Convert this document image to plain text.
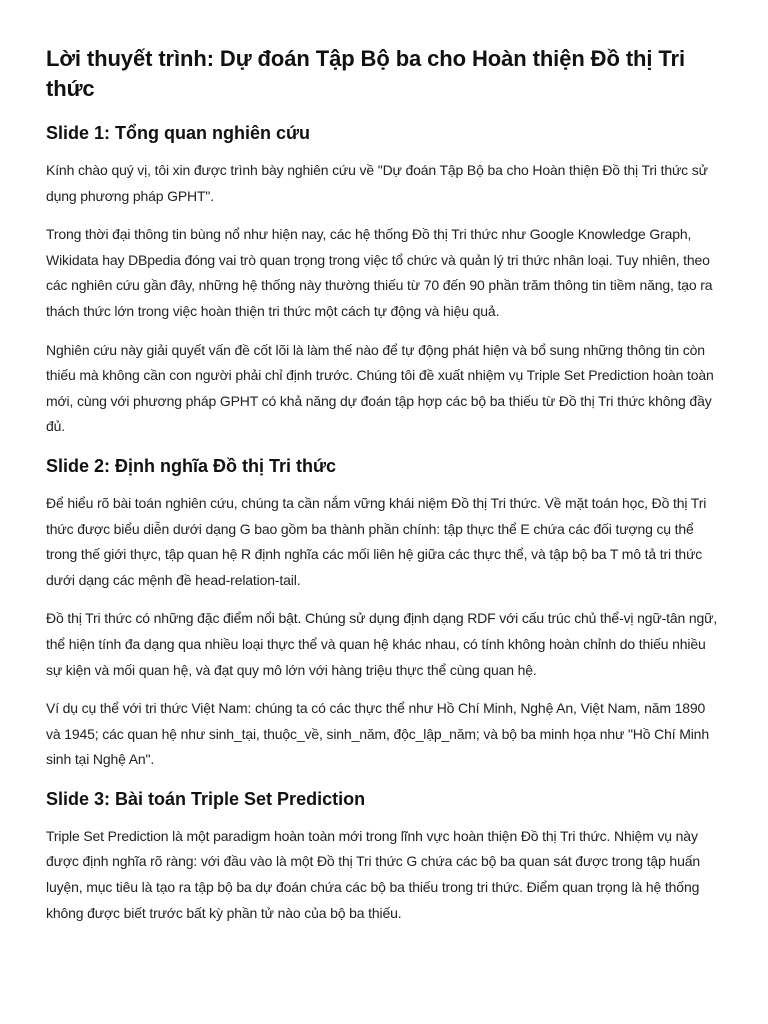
Lời thuyết trình: Dự đoán Tập Bộ ba cho Hoàn thiện Đồ thị Tri thức
Slide 1: Tổng quan nghiên cứu

Kính chào quý vị, tôi xin được trình bày nghiên cứu về "Dự đoán Tập Bộ ba cho Hoàn thiện Đồ thị Tri thức sử dụng phương pháp GPHT".

Trong thời đại thông tin bùng nổ như hiện nay, các hệ thống Đồ thị Tri thức như Google Knowledge Graph, Wikidata hay DBpedia đóng vai trò quan trọng trong việc tổ chức và quản lý tri thức nhân loại. Tuy nhiên, theo các nghiên cứu gần đây, những hệ thống này thường thiếu từ 70 đến 90 phần trăm thông tin tiềm năng, tạo ra thách thức lớn trong việc hoàn thiện tri thức một cách tự động và hiệu quả.

Nghiên cứu này giải quyết vấn đề cốt lõi là làm thế nào để tự động phát hiện và bổ sung những thông tin còn thiếu mà không cần con người phải chỉ định trước. Chúng tôi đề xuất nhiệm vụ Triple Set Prediction hoàn toàn mới, cùng với phương pháp GPHT có khả năng dự đoán tập hợp các bộ ba thiếu từ Đồ thị Tri thức không đầy đủ.

Slide 2: Định nghĩa Đồ thị Tri thức

Để hiểu rõ bài toán nghiên cứu, chúng ta cần nắm vững khái niệm Đồ thị Tri thức. Về mặt toán học, Đồ thị Tri thức được biểu diễn dưới dạng G bao gồm ba thành phần chính: tập thực thể E chứa các đối tượng cụ thể trong thế giới thực, tập quan hệ R định nghĩa các mối liên hệ giữa các thực thể, và tập bộ ba T mô tả tri thức dưới dạng các mệnh đề head-relation-tail.

Đồ thị Tri thức có những đặc điểm nổi bật. Chúng sử dụng định dạng RDF với cấu trúc chủ thể-vị ngữ-tân ngữ, thể hiện tính đa dạng qua nhiều loại thực thể và quan hệ khác nhau, có tính không hoàn chỉnh do thiếu nhiều sự kiện và mối quan hệ, và đạt quy mô lớn với hàng triệu thực thể cùng quan hệ.

Ví dụ cụ thể với tri thức Việt Nam: chúng ta có các thực thể như Hồ Chí Minh, Nghệ An, Việt Nam, năm 1890 và 1945; các quan hệ như sinh_tại, thuộc_về, sinh_năm, độc_lập_năm; và bộ ba minh họa như "Hồ Chí Minh sinh tại Nghệ An".

Slide 3: Bài toán Triple Set Prediction

Triple Set Prediction là một paradigm hoàn toàn mới trong lĩnh vực hoàn thiện Đồ thị Tri thức. Nhiệm vụ này được định nghĩa rõ ràng: với đầu vào là một Đồ thị Tri thức G chứa các bộ ba quan sát được trong tập huấn luyện, mục tiêu là tạo ra tập bộ ba dự đoán chứa các bộ ba thiếu trong tri thức. Điểm quan trọng là hệ thống không được biết trước bất kỳ phần tử nào của bộ ba thiếu.
